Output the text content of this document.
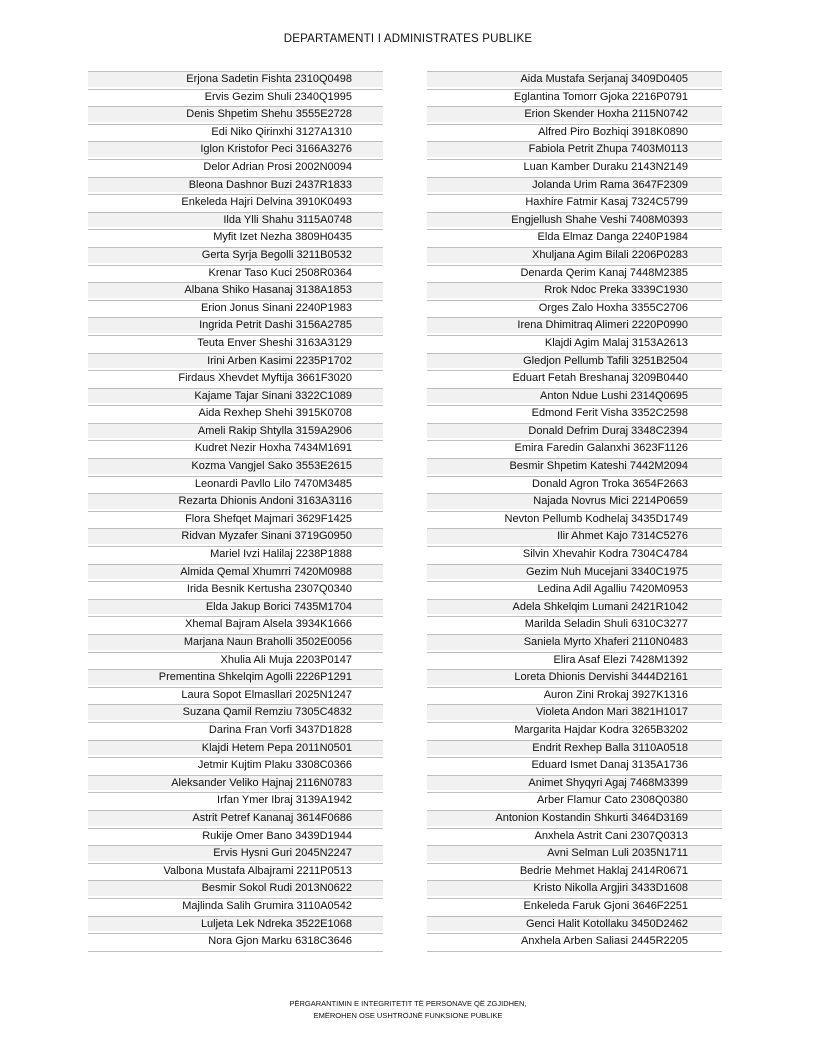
DEPARTAMENTI I ADMINISTRATES PUBLIKE
Erjona Sadetin Fishta 2310Q0498
Ervis Gezim Shuli 2340Q1995
Denis Shpetim Shehu 3555E2728
Edi Niko Qirinxhi 3127A1310
Iglon Kristofor Peci 3166A3276
Delor Adrian Prosi 2002N0094
Bleona Dashnor Buzi 2437R1833
Enkeleda Hajri Delvina 3910K0493
Ilda Ylli Shahu 3115A0748
Myfit Izet Nezha 3809H0435
Gerta Syrja Begolli 3211B0532
Krenar Taso Kuci 2508R0364
Albana Shiko Hasanaj 3138A1853
Erion Jonus Sinani 2240P1983
Ingrida Petrit Dashi 3156A2785
Teuta Enver Sheshi 3163A3129
Irini Arben Kasimi 2235P1702
Firdaus Xhevdet Myftija 3661F3020
Kajame Tajar Sinani 3322C1089
Aida Rexhep Shehi 3915K0708
Ameli Rakip Shtylla 3159A2906
Kudret Nezir Hoxha 7434M1691
Kozma Vangjel Sako 3553E2615
Leonardi Pavllo Lilo 7470M3485
Rezarta Dhionis Andoni 3163A3116
Flora Shefqet Majmari 3629F1425
Ridvan Myzafer Sinani 3719G0950
Mariel Ivzi Halilaj 2238P1888
Almida Qemal Xhumrri 7420M0988
Irida Besnik Kertusha 2307Q0340
Elda Jakup Borici 7435M1704
Xhemal Bajram Alsela 3934K1666
Marjana Naun Braholli 3502E0056
Xhulia Ali Muja 2203P0147
Prementina Shkelqim Agolli 2226P1291
Laura Sopot Elmasllari 2025N1247
Suzana Qamil Remziu 7305C4832
Darina Fran Vorfi 3437D1828
Klajdi Hetem Pepa 2011N0501
Jetmir Kujtim Plaku 3308C0366
Aleksander Veliko Hajnaj 2116N0783
Irfan Ymer Ibraj 3139A1942
Astrit Petref Kananaj 3614F0686
Rukije Omer Bano 3439D1944
Ervis Hysni Guri 2045N2247
Valbona Mustafa Albajrami 2211P0513
Besmir Sokol Rudi 2013N0622
Majlinda Salih Grumira 3110A0542
Luljeta Lek Ndreka 3522E1068
Nora Gjon Marku 6318C3646
Aida Mustafa Serjanaj 3409D0405
Eglantina Tomorr Gjoka 2216P0791
Erion Skender Hoxha 2115N0742
Alfred Piro Bozhiqi 3918K0890
Fabiola Petrit Zhupa 7403M0113
Luan Kamber Duraku 2143N2149
Jolanda Urim Rama 3647F2309
Haxhire Fatmir Kasaj 7324C5799
Engjellush Shahe Veshi 7408M0393
Elda Elmaz Danga 2240P1984
Xhuljana Agim Bilali 2206P0283
Denarda Qerim Kanaj 7448M2385
Rrok Ndoc Preka 3339C1930
Orges Zalo Hoxha 3355C2706
Irena Dhimitraq Alimeri 2220P0990
Klajdi Agim Malaj 3153A2613
Gledjon Pellumb Tafili 3251B2504
Eduart Fetah Breshanaj 3209B0440
Anton Ndue Lushi 2314Q0695
Edmond Ferit Visha 3352C2598
Donald Defrim Duraj 3348C2394
Emira Faredin Galanxhi 3623F1126
Besmir Shpetim Kateshi 7442M2094
Donald Agron Troka 3654F2663
Najada Novrus Mici 2214P0659
Nevton Pellumb Kodhelaj 3435D1749
Ilir Ahmet Kajo 7314C5276
Silvin Xhevahir Kodra 7304C4784
Gezim Nuh Mucejani 3340C1975
Ledina Adil Agalliu 7420M0953
Adela Shkelqim Lumani 2421R1042
Marilda Seladin Shuli 6310C3277
Saniela Myrto Xhaferi 2110N0483
Elira Asaf Elezi 7428M1392
Loreta Dhionis Dervishi 3444D2161
Auron Zini Rrokaj 3927K1316
Violeta Andon Mari 3821H1017
Margarita Hajdar Kodra 3265B3202
Endrit Rexhep Balla 3110A0518
Eduard Ismet Danaj 3135A1736
Animet Shyqyri Agaj 7468M3399
Arber Flamur Cato 2308Q0380
Antonion Kostandin Shkurti 3464D3169
Anxhela Astrit Cani 2307Q0313
Avni Selman Luli 2035N1711
Bedrie Mehmet Haklaj 2414R0671
Kristo Nikolla Argjiri 3433D1608
Enkeleda Faruk Gjoni 3646F2251
Genci Halit Kotollaku 3450D2462
Anxhela Arben Saliasi 2445R2205
PËRGARANTIMIN E INTEGRITETIT TË PERSONAVE QË ZGJIDHEN,
EMËROHEN OSE USHTROJNË FUNKSIONE PUBLIKE
